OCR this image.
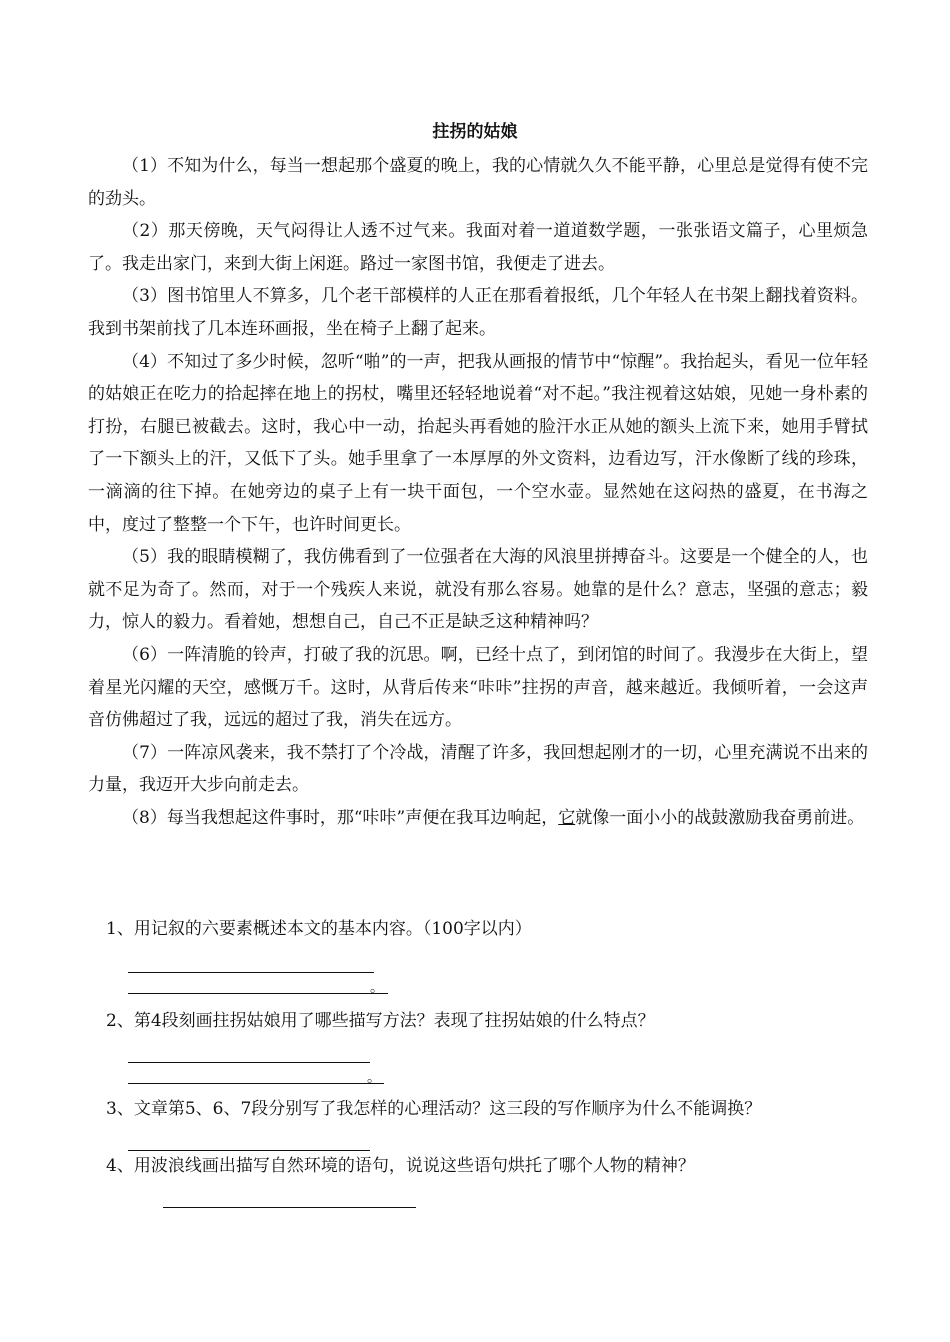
拄拐的姑娘

（1）不知为什么，每当一想起那个盛夏的晚上，我的心情就久久不能平静，心里总是觉得有使不完的劲头。

（2）那天傍晚，天气闷得让人透不过气来。我面对着一道道数学题，一张张语文篇子，心里烦急了。我走出家门，来到大街上闲逛。路过一家图书馆，我便走了进去。

（3）图书馆里人不算多，几个老干部模样的人正在那看着报纸，几个年轻人在书架上翻找着资料。我到书架前找了几本连环画报，坐在椅子上翻了起来。

（4）不知过了多少时候，忽听“啪”的一声，把我从画报的情节中“惊醒”。我抬起头，看见一位年轻的姑娘正在吃力的拾起摔在地上的拐杖，嘴里还轻轻地说着“对不起。”我注视着这姑娘，见她一身朴素的打扮，右腿已被截去。这时，我心中一动，抬起头再看她的脸汗水正从她的额头上流下来，她用手臂拭了一下额头上的汗，又低下了头。她手里拿了一本厚厚的外文资料，边看边写，汗水像断了线的珍珠，一滴滴的往下掉。在她旁边的桌子上有一块干面包，一个空水壶。显然她在这闷热的盛夏，在书海之中，度过了整整一个下午，也许时间更长。

（5）我的眼睛模糊了，我仿佛看到了一位强者在大海的风浪里拼搏奋斗。这要是一个健全的人，也就不足为奇了。然而，对于一个残疾人来说，就没有那么容易。她靠的是什么？意志，坚强的意志；毅力，惊人的毅力。看着她，想想自己，自己不正是缺乏这种精神吗？

（6）一阵清脆的铃声，打破了我的沉思。啊，已经十点了，到闭馆的时间了。我漫步在大街上，望着星光闪耀的天空，感慨万千。这时，从背后传来“咔咔”拄拐的声音，越来越近。我倾听着，一会这声音仿佛超过了我，远远的超过了我，消失在远方。

（7）一阵凉风袭来，我不禁打了个冷战，清醒了许多，我回想起刚才的一切，心里充满说不出来的力量，我迈开大步向前走去。

（8）每当我想起这件事时，那“咔咔”声便在我耳边响起，它就像一面小小的战鼓激励我奋勇前进。

1、用记叙的六要素概述本文的基本内容。（100字以内）

。

2、第4段刻画拄拐姑娘用了哪些描写方法？表现了拄拐姑娘的什么特点？

。

3、文章第5、6、7段分别写了我怎样的心理活动？这三段的写作顺序为什么不能调换？

4、用波浪线画出描写自然环境的语句，说说这些语句烘托了哪个人物的精神？
